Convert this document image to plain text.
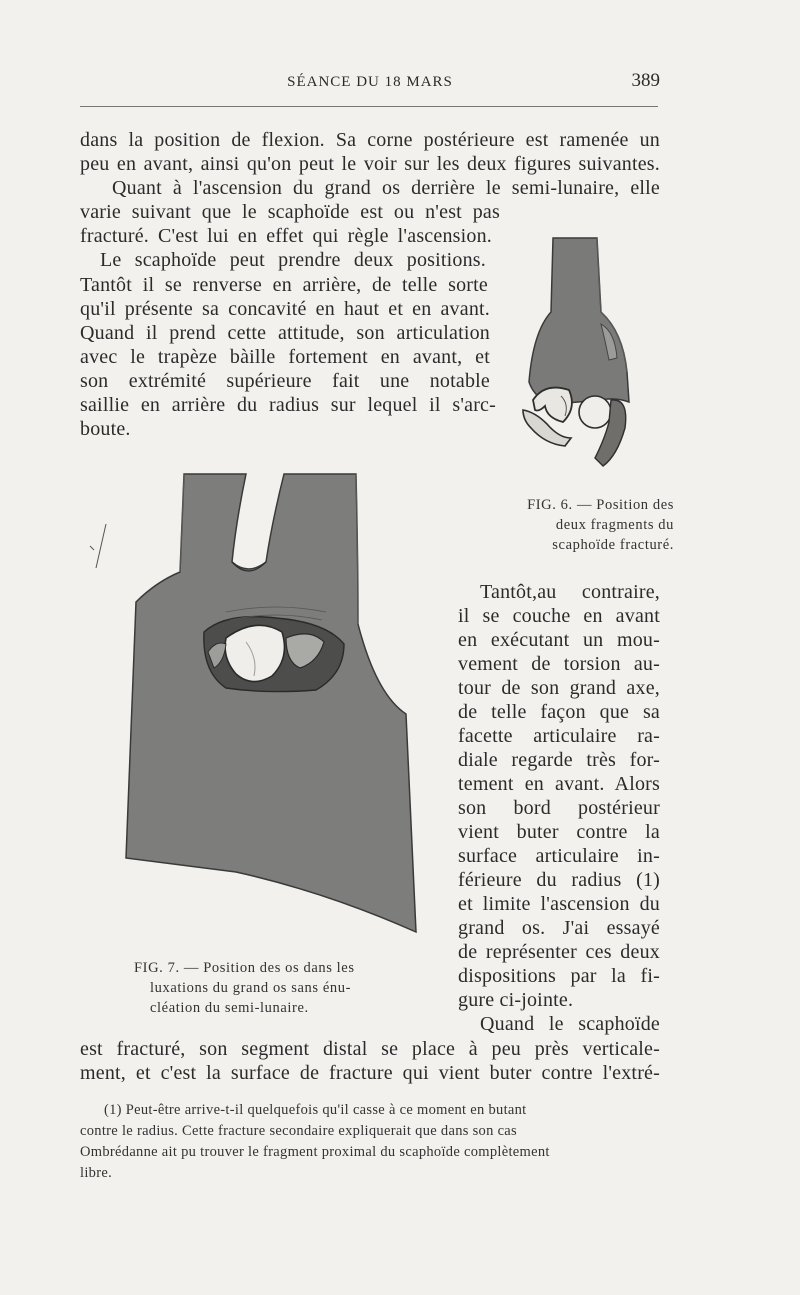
SÉANCE DU 18 MARS	389
dans la position de flexion. Sa corne postérieure est ramenée un
peu en avant, ainsi qu'on peut le voir sur les deux figures suivantes.
Quant à l'ascension du grand os derrière le semi-lunaire, elle
varie suivant que le scaphoïde est ou n'est pas
fracturé. C'est lui en effet qui règle l'ascension.
Le scaphoïde peut prendre deux positions.
Tantôt il se renverse en arrière, de telle sorte
qu'il présente sa concavité en haut et en avant.
Quand il prend cette attitude, son articulation
avec le trapèze bàille fortement en avant, et
son extrémité supérieure fait une notable
saillie en arrière du radius sur lequel il s'arc-
boute.
FIG. 6. — Position des
deux fragments du
scaphoïde fracturé.
FIG. 7. — Position des os dans les
luxations du grand os sans énu-
cléation du semi-lunaire.
Tantôt,au contraire,
il se couche en avant
en exécutant un mou-
vement de torsion au-
tour de son grand axe,
de telle façon que sa
facette articulaire ra-
diale regarde très for-
tement en avant. Alors
son bord postérieur
vient buter contre la
surface articulaire in-
férieure du radius (1)
et limite l'ascension du
grand os. J'ai essayé
de représenter ces deux
dispositions par la fi-
gure ci-jointe.
Quand le scaphoïde
est fracturé, son segment distal se place à peu près verticale-
ment, et c'est la surface de fracture qui vient buter contre l'extré-
(1) Peut-être arrive-t-il quelquefois qu'il casse à ce moment en butant
contre le radius. Cette fracture secondaire expliquerait que dans son cas
Ombrédanne ait pu trouver le fragment proximal du scaphoïde complètement
libre.
